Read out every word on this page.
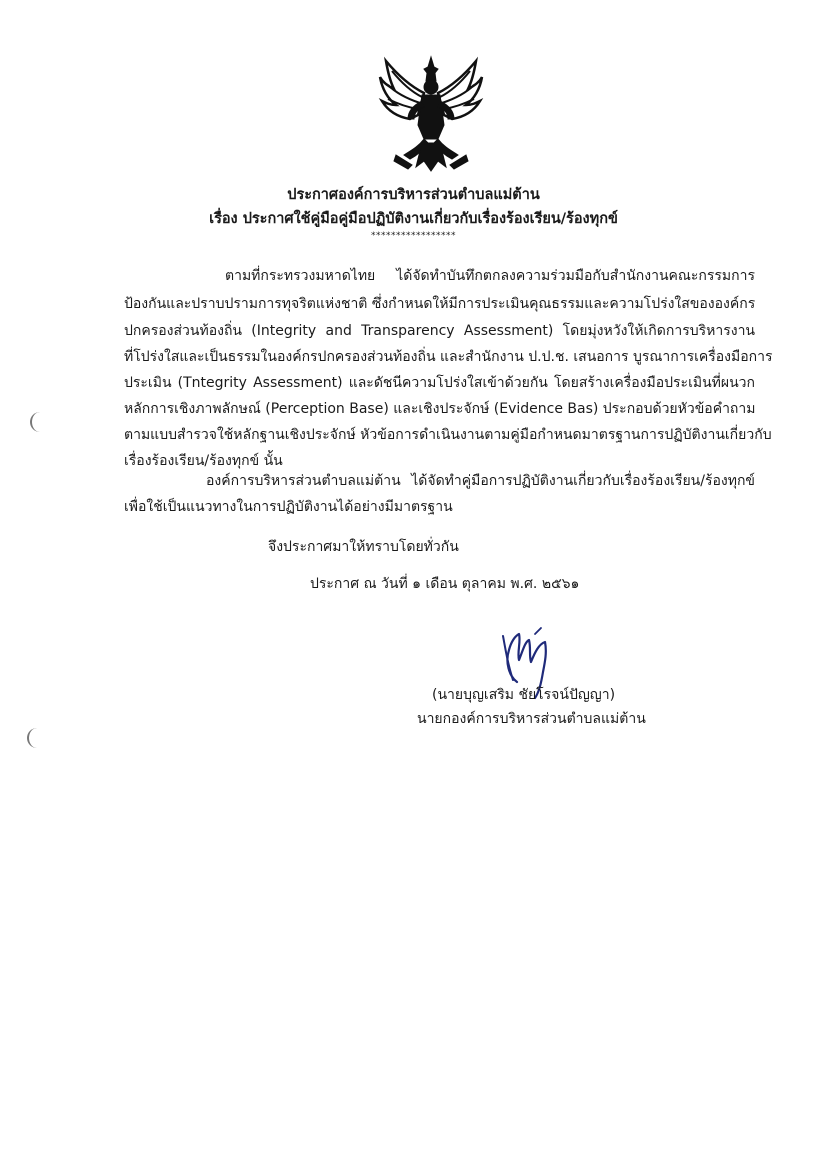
ประกาศองค์การบริหารส่วนตำบลแม่ต้าน
เรื่อง ประกาศใช้คู่มือคู่มือปฏิบัติงานเกี่ยวกับเรื่องร้องเรียน/ร้องทุกข์
*****************
ตามที่กระทรวงมหาดไทย ได้จัดทำบันทึกตกลงความร่วมมือกับสำนักงานคณะกรรมการ
ป้องกันและปราบปรามการทุจริตแห่งชาติ ซึ่งกำหนดให้มีการประเมินคุณธรรมและความโปร่งใสขององค์กร
ปกครองส่วนท้องถิ่น (Integrity and Transparency Assessment) โดยมุ่งหวังให้เกิดการบริหารงาน
ที่โปร่งใสและเป็นธรรมในองค์กรปกครองส่วนท้องถิ่น และสำนักงาน ป.ป.ช. เสนอการ บูรณาการเครื่องมือการ
ประเมิน (Tntegrity Assessment) และดัชนีความโปร่งใสเข้าด้วยกัน โดยสร้างเครื่องมือประเมินที่ผนวก
หลักการเชิงภาพลักษณ์ (Perception Base) และเชิงประจักษ์ (Evidence Bas) ประกอบด้วยหัวข้อคำถาม
ตามแบบสำรวจใช้หลักฐานเชิงประจักษ์ หัวข้อการดำเนินงานตามคู่มือกำหนดมาตรฐานการปฏิบัติงานเกี่ยวกับ
เรื่องร้องเรียน/ร้องทุกข์ นั้น
องค์การบริหารส่วนตำบลแม่ต้าน ได้จัดทำคู่มือการปฏิบัติงานเกี่ยวกับเรื่องร้องเรียน/ร้องทุกข์
เพื่อใช้เป็นแนวทางในการปฏิบัติงานได้อย่างมีมาตรฐาน
จึงประกาศมาให้ทราบโดยทั่วกัน
ประกาศ ณ วันที่ ๑ เดือน ตุลาคม พ.ศ. ๒๕๖๑
(นายบุญเสริม ชัยโรจน์ปัญญา)
นายกองค์การบริหารส่วนตำบลแม่ต้าน
